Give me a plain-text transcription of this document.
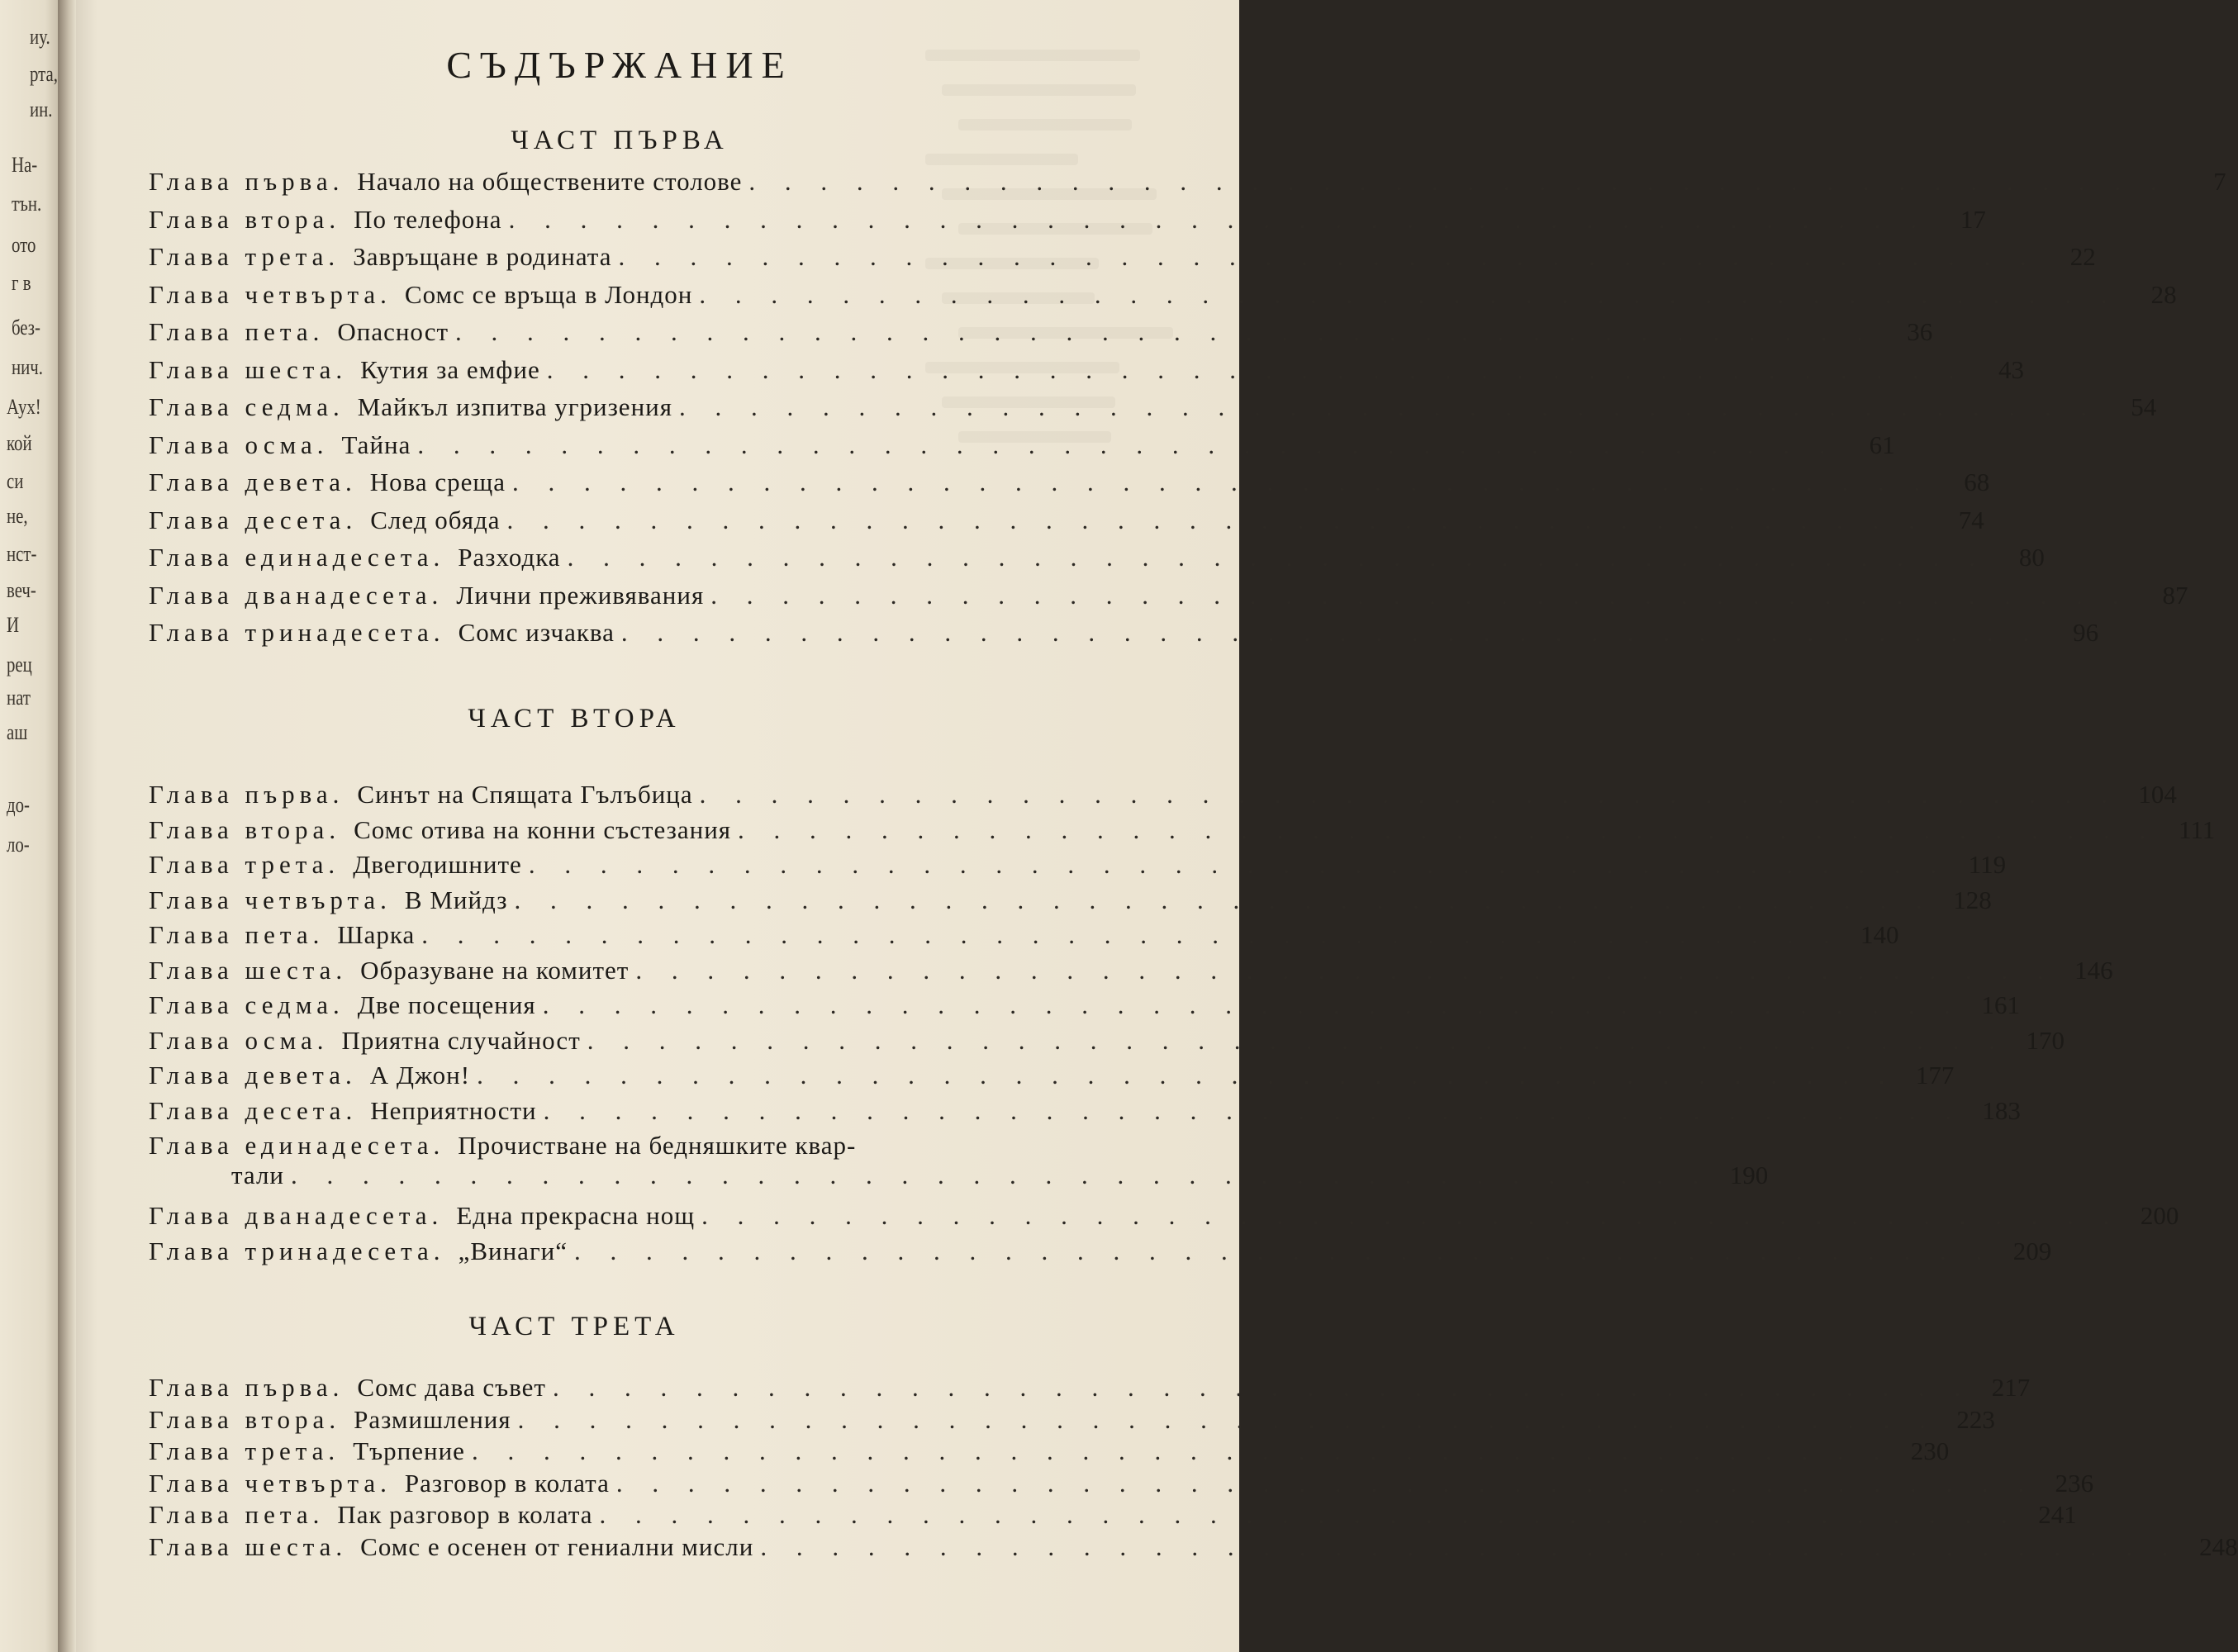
иу.
рта,
ин.
На-
тън.
ото
г в
без-
нич.
Аух!
кой
си
не,
нст-
веч-
И
рец
нат
аш
до-
ло-
СЪДЪРЖАНИЕ
ЧАСТ ПЪРВА
Глава първа. Начало на обществените столове . . . . . . . . . . . . . . . . . . . . . . . . . . . . . . . . . . . . . . . .	7
Глава втора. По телефона . . . . . . . . . . . . . . . . . . . . . . . . . . . . . . . . . . . . . . . .	17
Глава трета. Завръщане в родината . . . . . . . . . . . . . . . . . . . . . . . . . . . . . . . . . . . . . . . .	22
Глава четвърта. Сомс се връща в Лондон . . . . . . . . . . . . . . . . . . . . . . . . . . . . . . . . . . . . . . . .	28
Глава пета. Опасност . . . . . . . . . . . . . . . . . . . . . . . . . . . . . . . . . . . . . . . .	36
Глава шеста. Кутия за емфие . . . . . . . . . . . . . . . . . . . . . . . . . . . . . . . . . . . . . . . .	43
Глава седма. Майкъл изпитва угризения . . . . . . . . . . . . . . . . . . . . . . . . . . . . . . . . . . . . . . . .	54
Глава осма. Тайна . . . . . . . . . . . . . . . . . . . . . . . . . . . . . . . . . . . . . . . .	61
Глава девета. Нова среща . . . . . . . . . . . . . . . . . . . . . . . . . . . . . . . . . . . . . . . .	68
Глава десета. След обяда . . . . . . . . . . . . . . . . . . . . . . . . . . . . . . . . . . . . . . . .	74
Глава единадесета. Разходка . . . . . . . . . . . . . . . . . . . . . . . . . . . . . . . . . . . . . . . .	80
Глава дванадесета. Лични преживявания . . . . . . . . . . . . . . . . . . . . . . . . . . . . . . . . . . . . . . . .	87
Глава тринадесета. Сомс изчаква . . . . . . . . . . . . . . . . . . . . . . . . . . . . . . . . . . . . . . . .	96
ЧАСТ ВТОРА
Глава първа. Синът на Спящата Гълъбица . . . . . . . . . . . . . . . . . . . . . . . . . . . . . . . . . . . . . . . . 104
Глава втора. Сомс отива на конни състезания . . . . . . . . . . . . . . . . . . . . . . . . . . . . . . . . . . . . . . . . 111
Глава трета. Двегодишните . . . . . . . . . . . . . . . . . . . . . . . . . . . . . . . . . . . . . . . . 119
Глава четвърта. В Мийдз . . . . . . . . . . . . . . . . . . . . . . . . . . . . . . . . . . . . . . . . 128
Глава пета. Шарка . . . . . . . . . . . . . . . . . . . . . . . . . . . . . . . . . . . . . . . . 140
Глава шеста. Образуване на комитет . . . . . . . . . . . . . . . . . . . . . . . . . . . . . . . . . . . . . . . . 146
Глава седма. Две посещения . . . . . . . . . . . . . . . . . . . . . . . . . . . . . . . . . . . . . . . . 161
Глава осма. Приятна случайност . . . . . . . . . . . . . . . . . . . . . . . . . . . . . . . . . . . . . . . . 170
Глава девета. А Джон! . . . . . . . . . . . . . . . . . . . . . . . . . . . . . . . . . . . . . . . . 177
Глава десета. Неприятности . . . . . . . . . . . . . . . . . . . . . . . . . . . . . . . . . . . . . . . . 183
Глава единадесета. Прочистване на бедняшките квар-
тали . . . . . . . . . . . . . . . . . . . . . . . . . . . . . . . . . . . . . . . . 190
Глава дванадесета. Една прекрасна нощ . . . . . . . . . . . . . . . . . . . . . . . . . . . . . . . . . . . . . . . . 200
Глава тринадесета. „Винаги“ . . . . . . . . . . . . . . . . . . . . . . . . . . . . . . . . . . . . . . . . 209
ЧАСТ ТРЕТА
Глава първа. Сомс дава съвет . . . . . . . . . . . . . . . . . . . . . . . . . . . . . . . . . . . . . . . . 217
Глава втора. Размишления . . . . . . . . . . . . . . . . . . . . . . . . . . . . . . . . . . . . . . . . 223
Глава трета. Търпение . . . . . . . . . . . . . . . . . . . . . . . . . . . . . . . . . . . . . . . . 230
Глава четвърта. Разговор в колата . . . . . . . . . . . . . . . . . . . . . . . . . . . . . . . . . . . . . . . . 236
Глава пета. Пак разговор в колата . . . . . . . . . . . . . . . . . . . . . . . . . . . . . . . . . . . . . . . . 241
Глава шеста. Сомс е осенен от гениални мисли . . . . . . . . . . . . . . . . . . . . . . . . . . . . . . . . . . . . . . . . 248
